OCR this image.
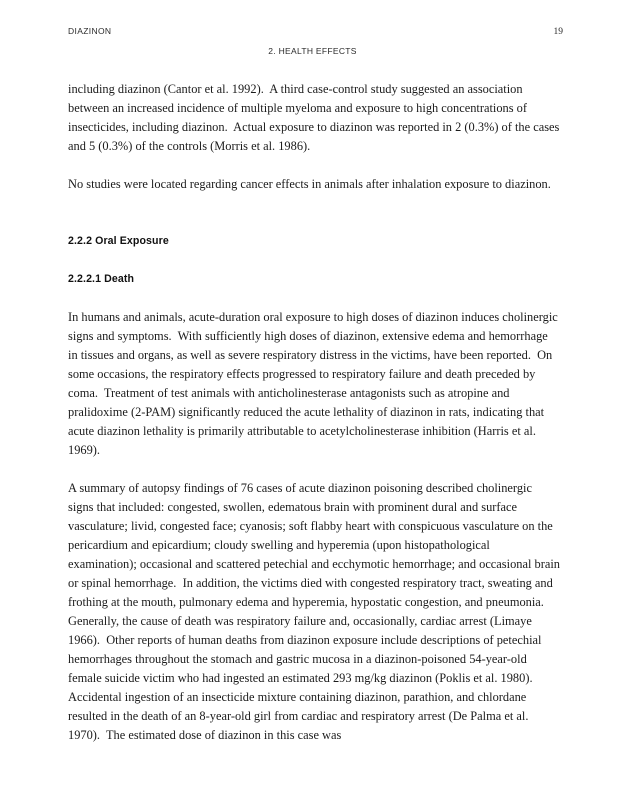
DIAZINON	19
2. HEALTH EFFECTS

including diazinon (Cantor et al. 1992).  A third case-control study suggested an association between an increased incidence of multiple myeloma and exposure to high concentrations of insecticides, including diazinon.  Actual exposure to diazinon was reported in 2 (0.3%) of the cases and 5 (0.3%) of the controls (Morris et al. 1986).

No studies were located regarding cancer effects in animals after inhalation exposure to diazinon.

2.2.2 Oral Exposure
2.2.2.1 Death

In humans and animals, acute-duration oral exposure to high doses of diazinon induces cholinergic signs and symptoms.  With sufficiently high doses of diazinon, extensive edema and hemorrhage in tissues and organs, as well as severe respiratory distress in the victims, have been reported.  On some occasions, the respiratory effects progressed to respiratory failure and death preceded by coma.  Treatment of test animals with anticholinesterase antagonists such as atropine and pralidoxime (2-PAM) significantly reduced the acute lethality of diazinon in rats, indicating that acute diazinon lethality is primarily attributable to acetylcholinesterase inhibition (Harris et al. 1969).

A summary of autopsy findings of 76 cases of acute diazinon poisoning described cholinergic signs that included: congested, swollen, edematous brain with prominent dural and surface vasculature; livid, congested face; cyanosis; soft flabby heart with conspicuous vasculature on the pericardium and epicardium; cloudy swelling and hyperemia (upon histopathological examination); occasional and scattered petechial and ecchymotic hemorrhage; and occasional brain or spinal hemorrhage.  In addition, the victims died with congested respiratory tract, sweating and frothing at the mouth, pulmonary edema and hyperemia, hypostatic congestion, and pneumonia.  Generally, the cause of death was respiratory failure and, occasionally, cardiac arrest (Limaye 1966).  Other reports of human deaths from diazinon exposure include descriptions of petechial hemorrhages throughout the stomach and gastric mucosa in a diazinon-poisoned 54-year-old female suicide victim who had ingested an estimated 293 mg/kg diazinon (Poklis et al. 1980).  Accidental ingestion of an insecticide mixture containing diazinon, parathion, and chlordane resulted in the death of an 8-year-old girl from cardiac and respiratory arrest (De Palma et al. 1970).  The estimated dose of diazinon in this case was
